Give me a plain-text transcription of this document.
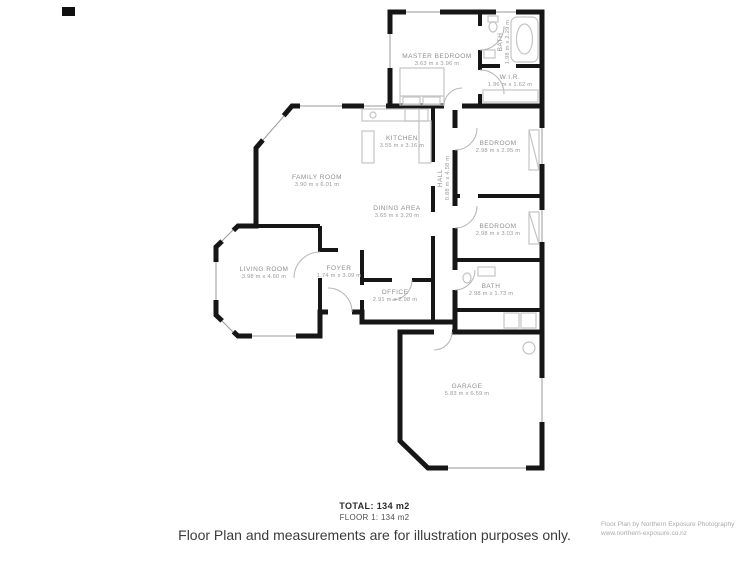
MASTER BEDROOM
3.63 m x 3.96 m
BATH 1.98 m x 2.29 m
W.I.R.
1.96 m x 1.62 m
BEDROOM
2.98 m x 2.95 m
HALL 0.88 m x 4.58 m
KITCHEN
3.55 m x 3.16 m
FAMILY ROOM
3.90 m x 6.01 m
DINING AREA
3.65 m x 3.20 m
BEDROOM
2.98 m x 3.03 m
LIVING ROOM
3.98 m x 4.60 m
FOYER
1.74 m x 3.09 m
OFFICE
2.91 m x 2.98 m
BATH
2.98 m x 1.73 m
GARAGE
5.83 m x 6.59 m
TOTAL: 134 m2
FLOOR 1: 134 m2
Floor Plan and measurements are for illustration purposes only.
Floor Plan by Northern Exposure Photography
www.northern-exposure.co.nz
